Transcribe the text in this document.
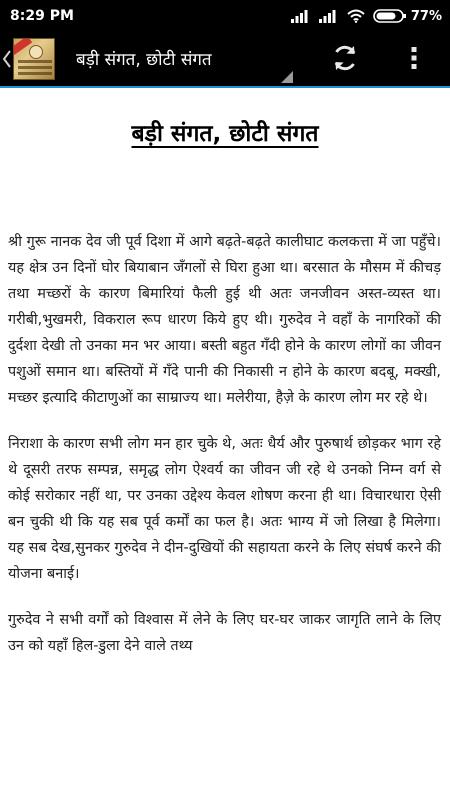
8:29 PM	77%
बड़ी संगत, छोटी संगत
बड़ी संगत, छोटी संगत

श्री गुरू नानक देव जी पूर्व दिशा में आगे बढ़ते-बढ़ते कालीघाट कलकत्ता में जा पहुँचे। यह क्षेत्र उन दिनों घोर बियाबान जँगलों से घिरा हुआ था। बरसात के मौसम में कीचड़ तथा मच्छरों के कारण बिमारियां फैली हुई थी अतः जनजीवन अस्त-व्यस्त था। गरीबी,भुखमरी, विकराल रूप धारण किये हुए थी। गुरुदेव ने वहाँ के नागरिकों की दुर्दशा देखी तो उनका मन भर आया। बस्ती बहुत गँदी होने के कारण लोगों का जीवन पशुओं समान था। बस्तियों में गँदे पानी की निकासी न होने के कारण बदबू, मक्खी, मच्छर इत्यादि कीटाणुओं का साम्राज्य था। मलेरीया, हैज़े के कारण लोग मर रहे थे।

निराशा के कारण सभी लोग मन हार चुके थे, अतः धैर्य और पुरुषार्थ छोड़कर भाग रहे थे दूसरी तरफ सम्पन्न, समृद्ध लोग ऐश्वर्य का जीवन जी रहे थे उनको निम्न वर्ग से कोई सरोकार नहीं था, पर उनका उद्देश्य केवल शोषण करना ही था। विचारधारा ऐसी बन चुकी थी कि यह सब पूर्व कर्मों का फल है। अतः भाग्य में जो लिखा है मिलेगा। यह सब देख,सुनकर गुरुदेव ने दीन-दुखियों की सहायता करने के लिए संघर्ष करने की योजना बनाई।

गुरुदेव ने सभी वर्गों को विश्वास में लेने के लिए घर-घर जाकर जागृति लाने के लिए उन को यहाँ हिल-डुला देने वाले तथ्य
